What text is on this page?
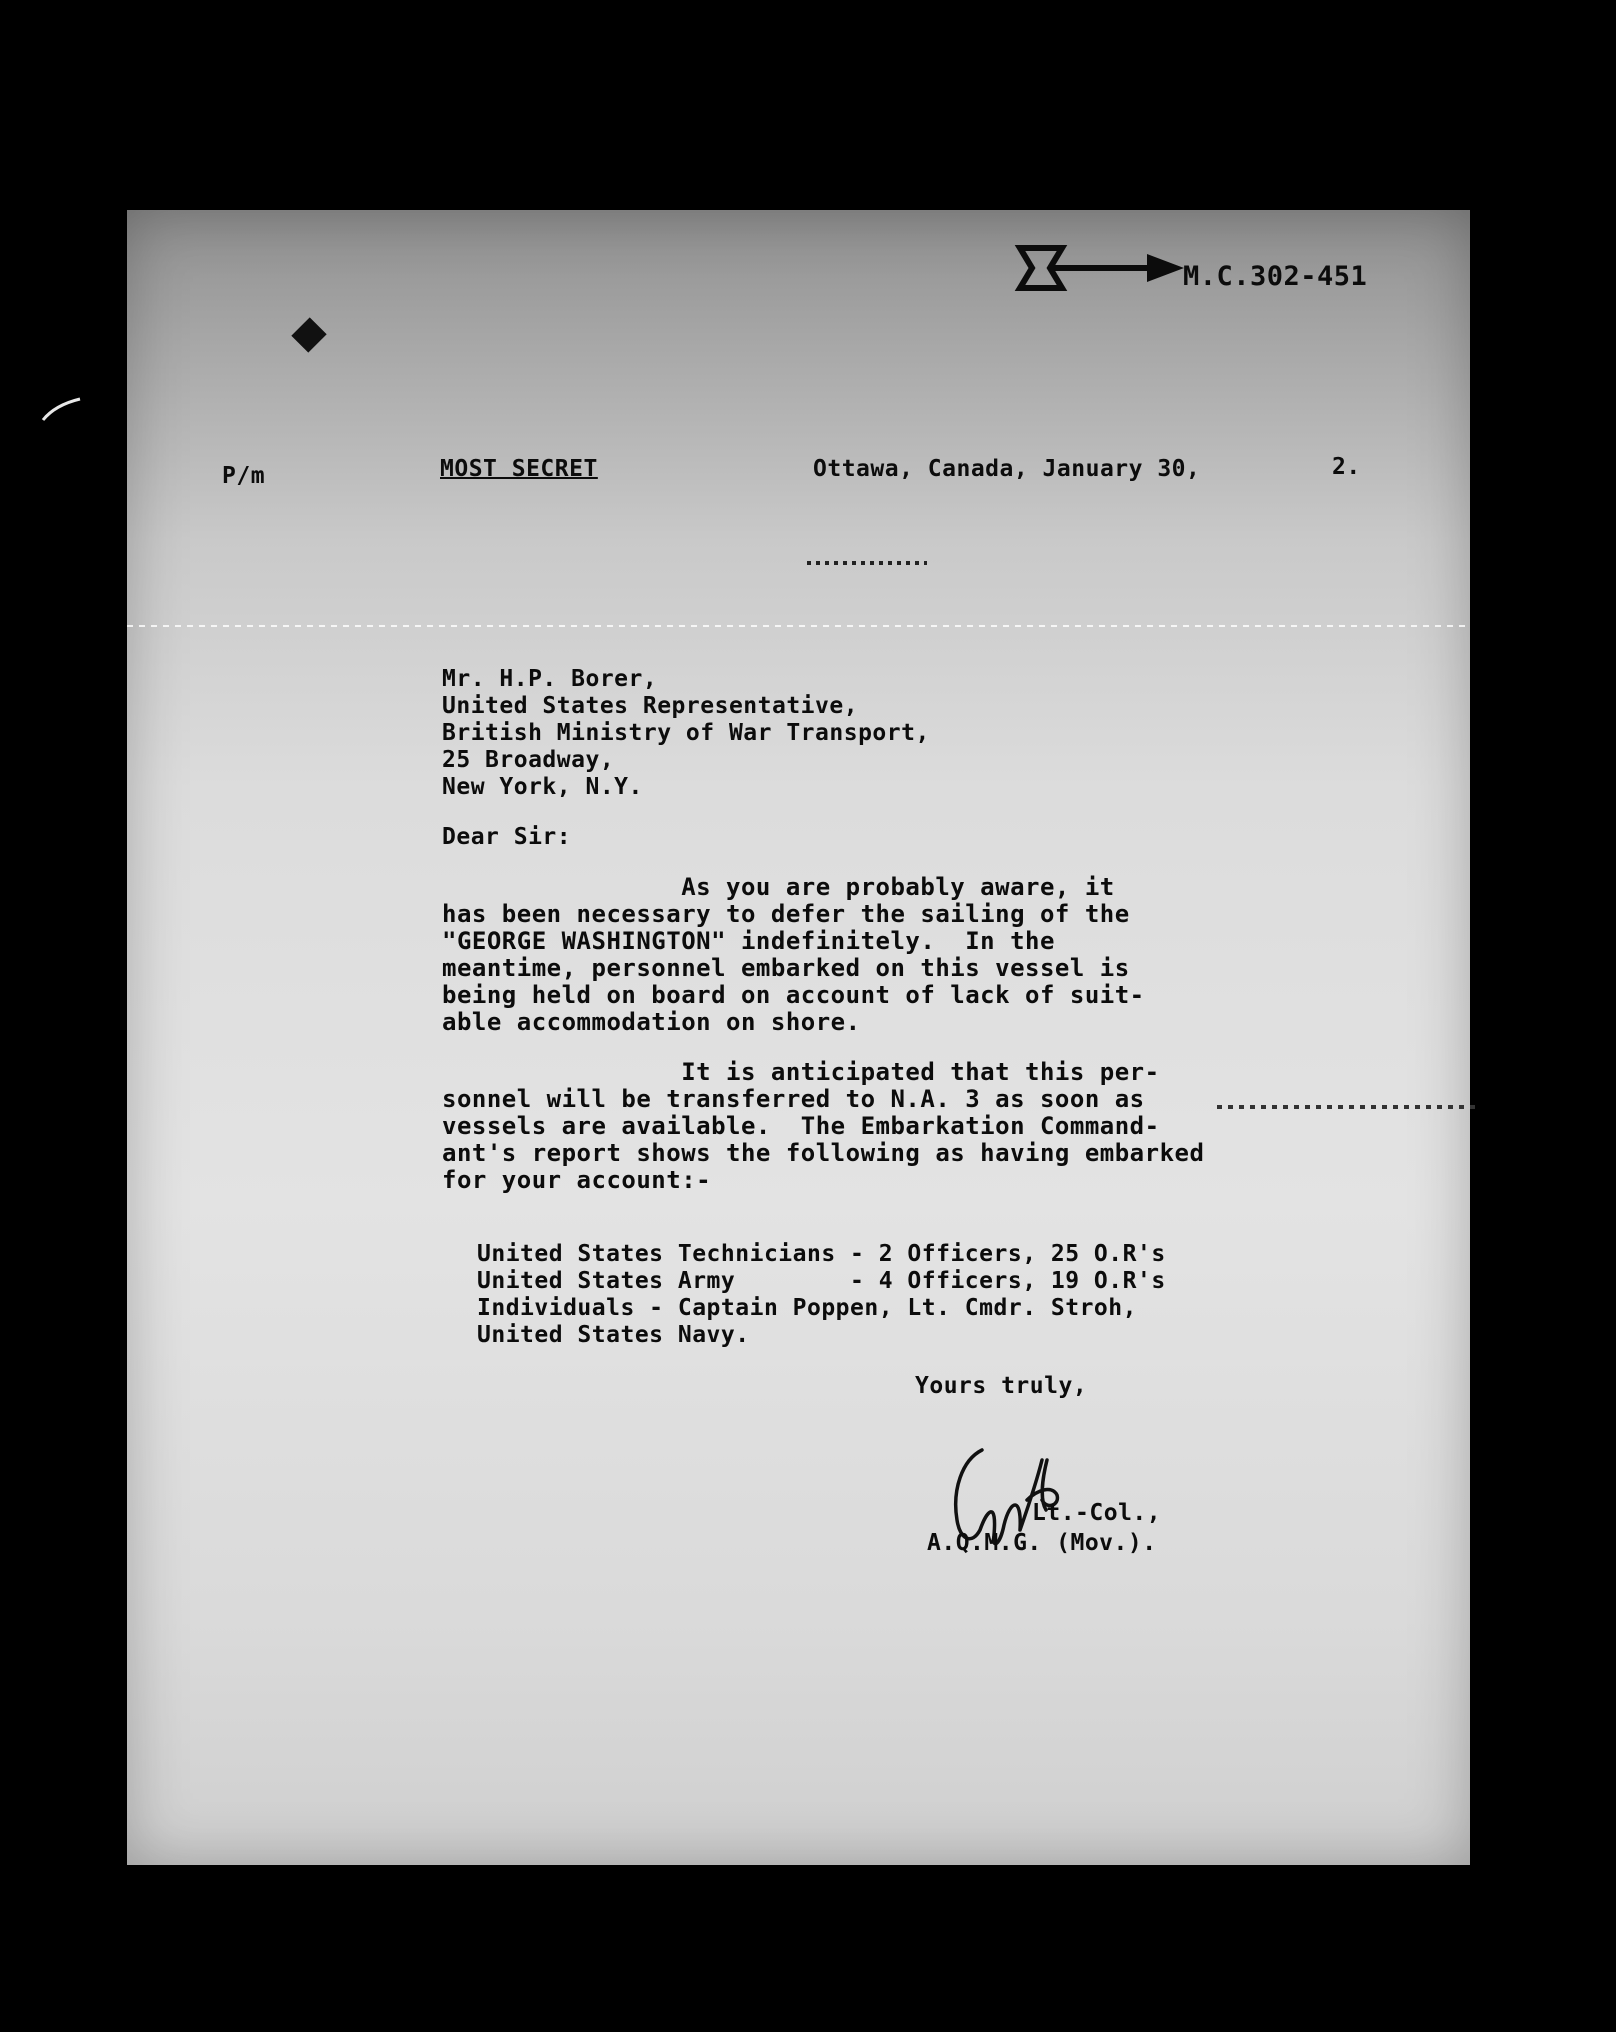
M.C.302-451
P/m	MOST SECRET	Ottawa, Canada, January 30,	2.
Mr. H.P. Borer,
United States Representative,
British Ministry of War Transport,
25 Broadway,
New York, N.Y.
Dear Sir:
As you are probably aware, it
has been necessary to defer the sailing of the
"GEORGE WASHINGTON" indefinitely.  In the
meantime, personnel embarked on this vessel is
being held on board on account of lack of suit-
able accommodation on shore.
It is anticipated that this per-
sonnel will be transferred to N.A. 3 as soon as
vessels are available.  The Embarkation Command-
ant's report shows the following as having embarked
for your account:-
United States Technicians - 2 Officers, 25 O.R's
United States Army        - 4 Officers, 19 O.R's
Individuals - Captain Poppen, Lt. Cmdr. Stroh,
United States Navy.
Yours truly,
Lt.-Col.,
A.Q.M.G. (Mov.).
